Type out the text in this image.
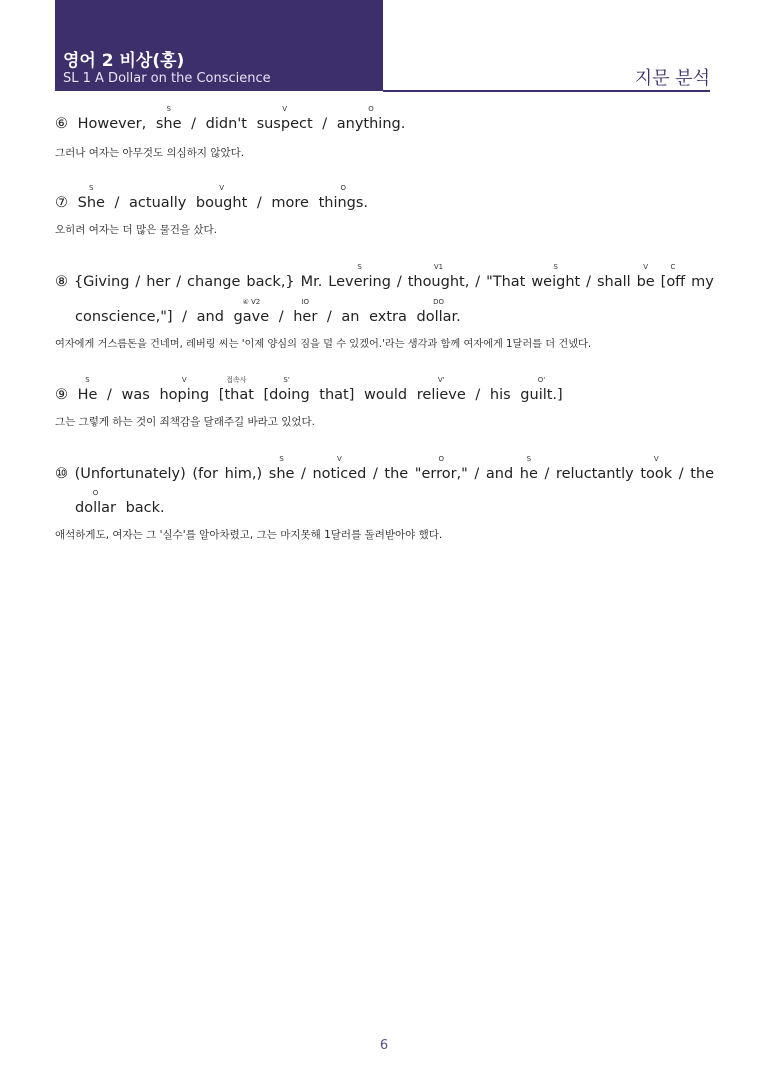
영어 2 비상(홍)
SL 1 A Dollar on the Conscience	지문 분석
⑥ However, she
S
/ didn't suspect
V
/ anything.
O
그러나 여자는 아무것도 의심하지 않았다.
⑦ She
S
/ actually bought
V
/ more things.
O
오히려 여자는 더 많은 물건을 샀다.
⑧ {Giving / her / change back,} Mr. Levering
S
/ thought,
V1
/ "That weight
S
/ shall be
V
[off
C
my
conscience,"] / and gave
④ V2
/ her
IO
/ an extra dollar.
DO
여자에게 거스름돈을 건네며, 레버링 씨는 '이제 양심의 짐을 덜 수 있겠어.'라는 생각과 함께 여자에게 1달러를 더 건넸다.
⑨ He
S
/ was hoping
V
[that
접속사
[doing
S'
that] would relieve
V'
/ his guilt.]
O'
그는 그렇게 하는 것이 죄책감을 달래주길 바라고 있었다.
⑩ (Unfortunately) (for him,) she
S
/ noticed
V
/ the "error,"
O
/ and he
S
/ reluctantly took
V
/ the
dollar
O
back.
애석하게도, 여자는 그 '실수'를 알아차렸고, 그는 마지못해 1달러를 돌려받아야 했다.
6
